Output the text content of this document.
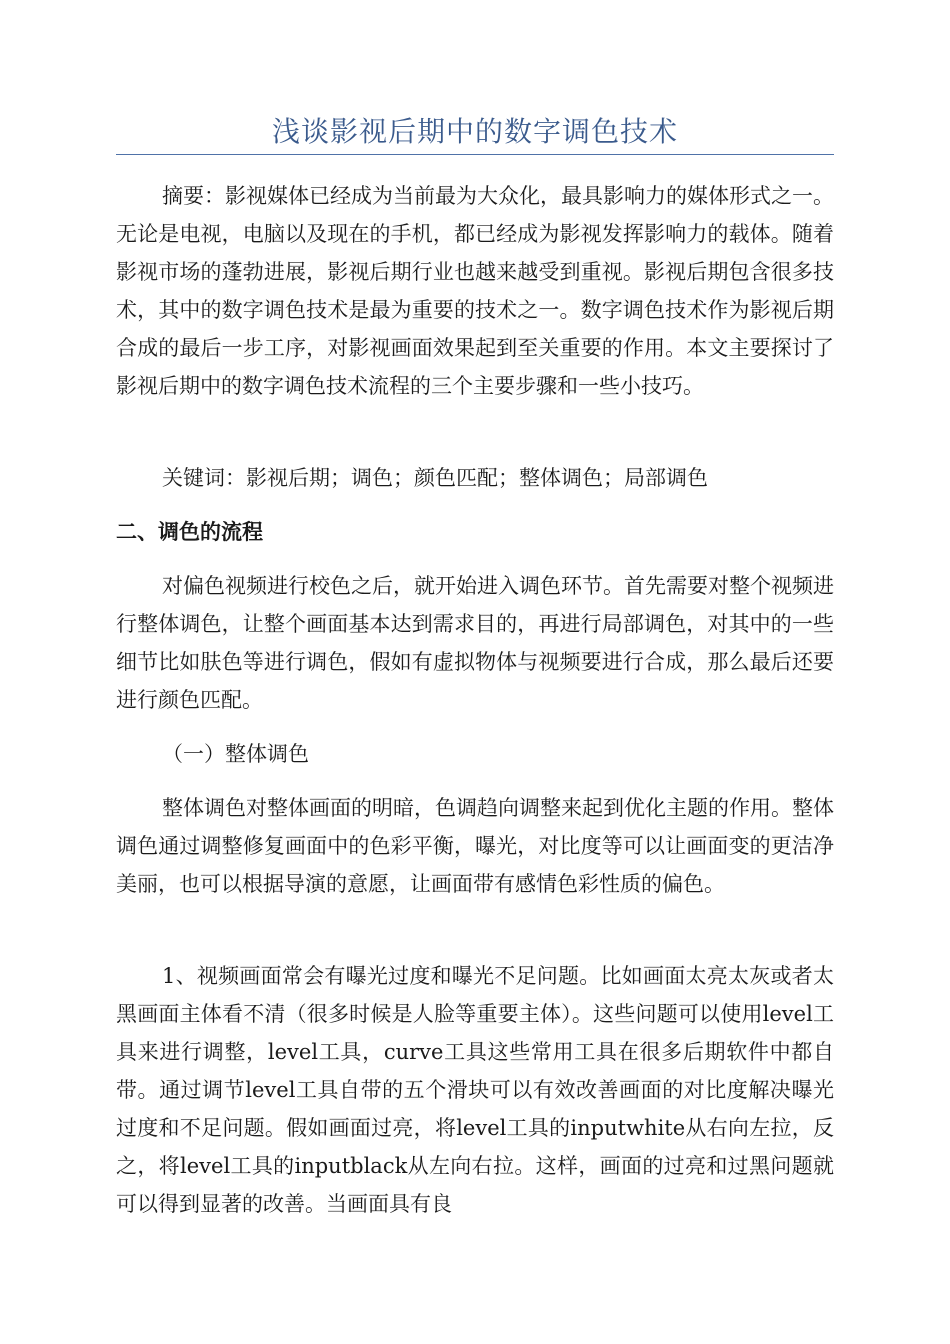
浅谈影视后期中的数字调色技术

摘要：影视媒体已经成为当前最为大众化，最具影响力的媒体形式之一。无论是电视，电脑以及现在的手机，都已经成为影视发挥影响力的载体。随着影视市场的蓬勃进展，影视后期行业也越来越受到重视。影视后期包含很多技术，其中的数字调色技术是最为重要的技术之一。数字调色技术作为影视后期合成的最后一步工序，对影视画面效果起到至关重要的作用。本文主要探讨了影视后期中的数字调色技术流程的三个主要步骤和一些小技巧。

关键词：影视后期；调色；颜色匹配；整体调色；局部调色

二、调色的流程

对偏色视频进行校色之后，就开始进入调色环节。首先需要对整个视频进行整体调色，让整个画面基本达到需求目的，再进行局部调色，对其中的一些细节比如肤色等进行调色，假如有虚拟物体与视频要进行合成，那么最后还要进行颜色匹配。

（一）整体调色

整体调色对整体画面的明暗，色调趋向调整来起到优化主题的作用。整体调色通过调整修复画面中的色彩平衡，曝光，对比度等可以让画面变的更洁净美丽，也可以根据导演的意愿，让画面带有感情色彩性质的偏色。

1、视频画面常会有曝光过度和曝光不足问题。比如画面太亮太灰或者太黑画面主体看不清（很多时候是人脸等重要主体）。这些问题可以使用level工具来进行调整，level工具，curve工具这些常用工具在很多后期软件中都自带。通过调节level工具自带的五个滑块可以有效改善画面的对比度解决曝光过度和不足问题。假如画面过亮，将level工具的inputwhite从右向左拉，反之，将level工具的inputblack从左向右拉。这样，画面的过亮和过黑问题就可以得到显著的改善。当画面具有良
